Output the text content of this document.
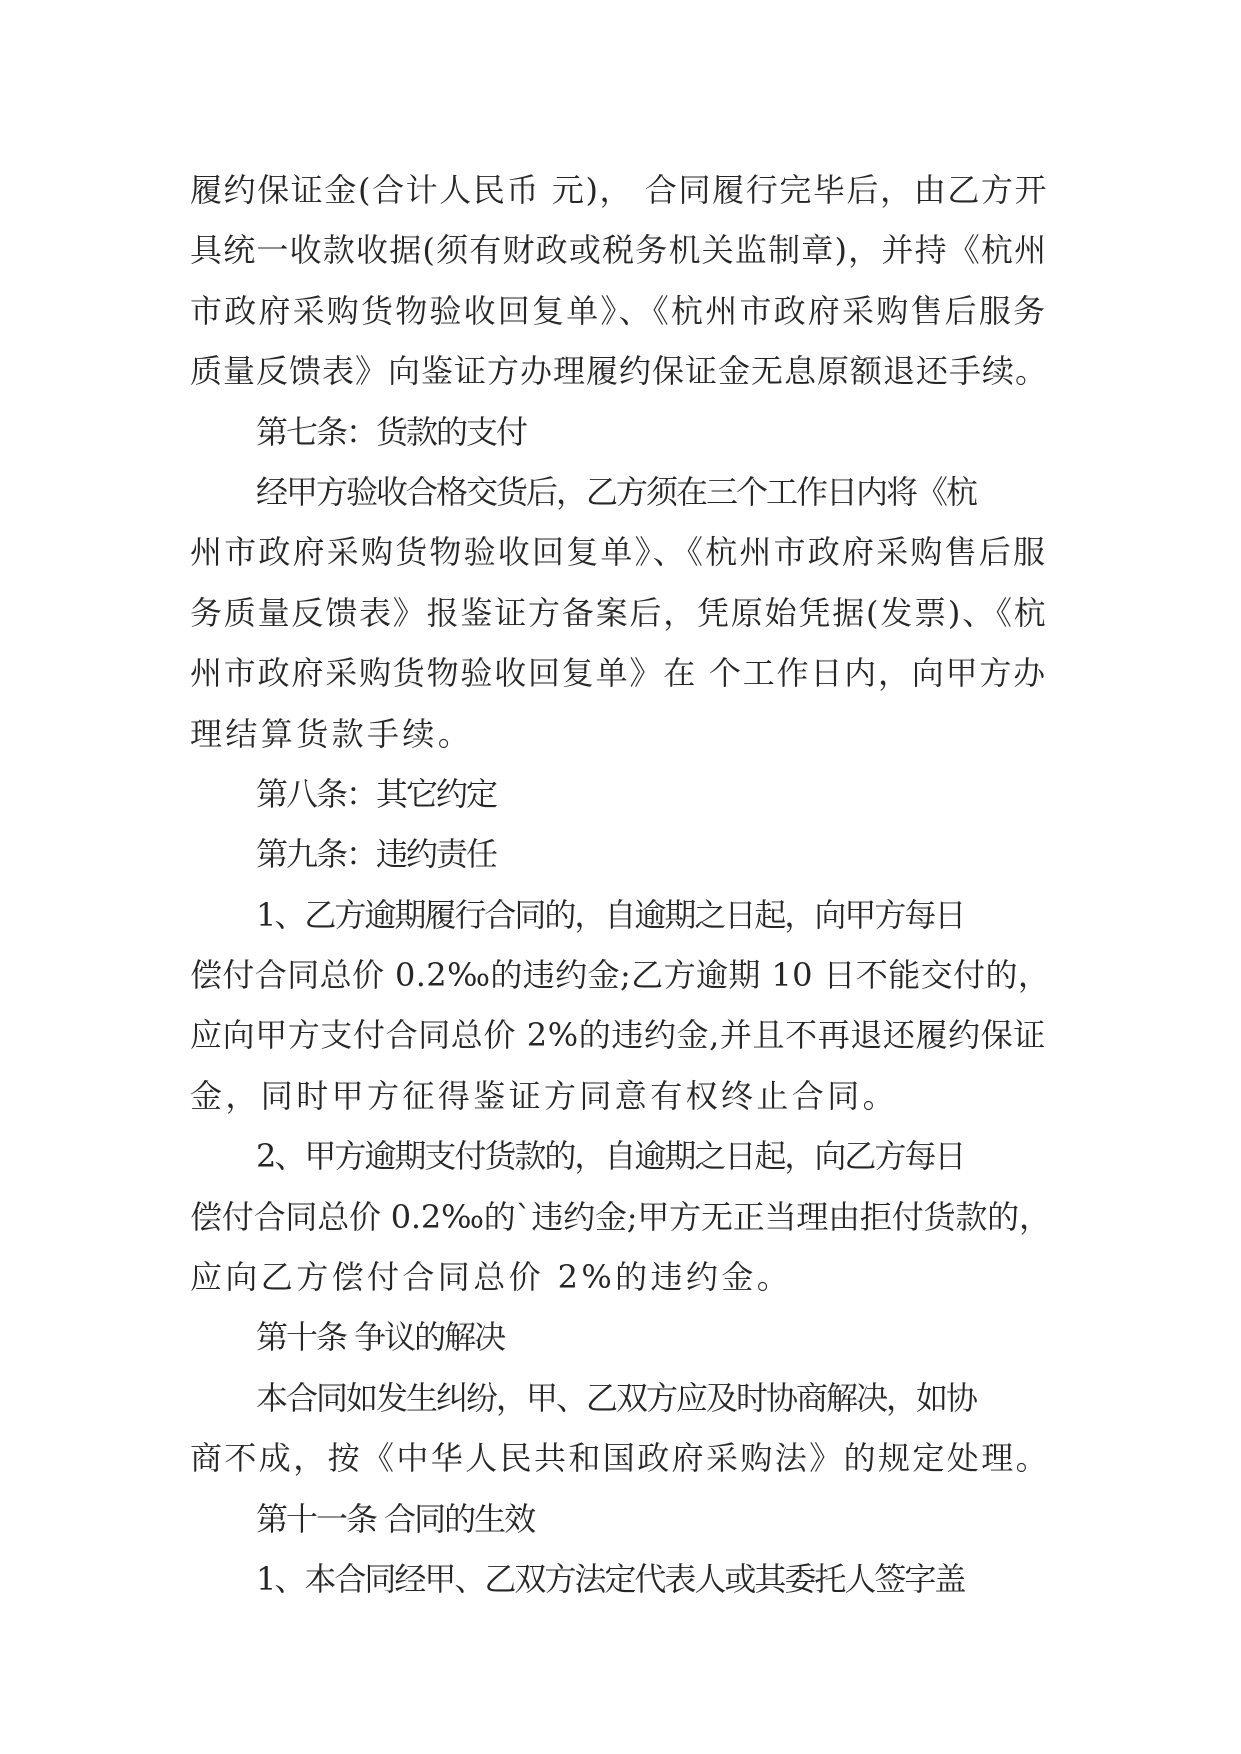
履约保证金(合计人民币 元)， 合同履行完毕后，由乙方开
具统一收款收据(须有财政或税务机关监制章)，并持《杭州
市政府采购货物验收回复单》、《杭州市政府采购售后服务
质量反馈表》向鉴证方办理履约保证金无息原额退还手续。
第七条：货款的支付
经甲方验收合格交货后，乙方须在三个工作日内将《杭
州市政府采购货物验收回复单》、《杭州市政府采购售后服
务质量反馈表》报鉴证方备案后，凭原始凭据(发票)、《杭
州市政府采购货物验收回复单》在 个工作日内，向甲方办
理结算货款手续。
第八条：其它约定
第九条：违约责任
1、乙方逾期履行合同的，自逾期之日起，向甲方每日
偿付合同总价 0.2‰的违约金;乙方逾期 10 日不能交付的，
应向甲方支付合同总价 2%的违约金,并且不再退还履约保证
金，同时甲方征得鉴证方同意有权终止合同。
2、甲方逾期支付货款的，自逾期之日起，向乙方每日
偿付合同总价 0.2‰的`违约金;甲方无正当理由拒付货款的，
应向乙方偿付合同总价 2%的违约金。
第十条 争议的解决
本合同如发生纠纷，甲、乙双方应及时协商解决，如协
商不成，按《中华人民共和国政府采购法》的规定处理。
第十一条 合同的生效
1、本合同经甲、乙双方法定代表人或其委托人签字盖
